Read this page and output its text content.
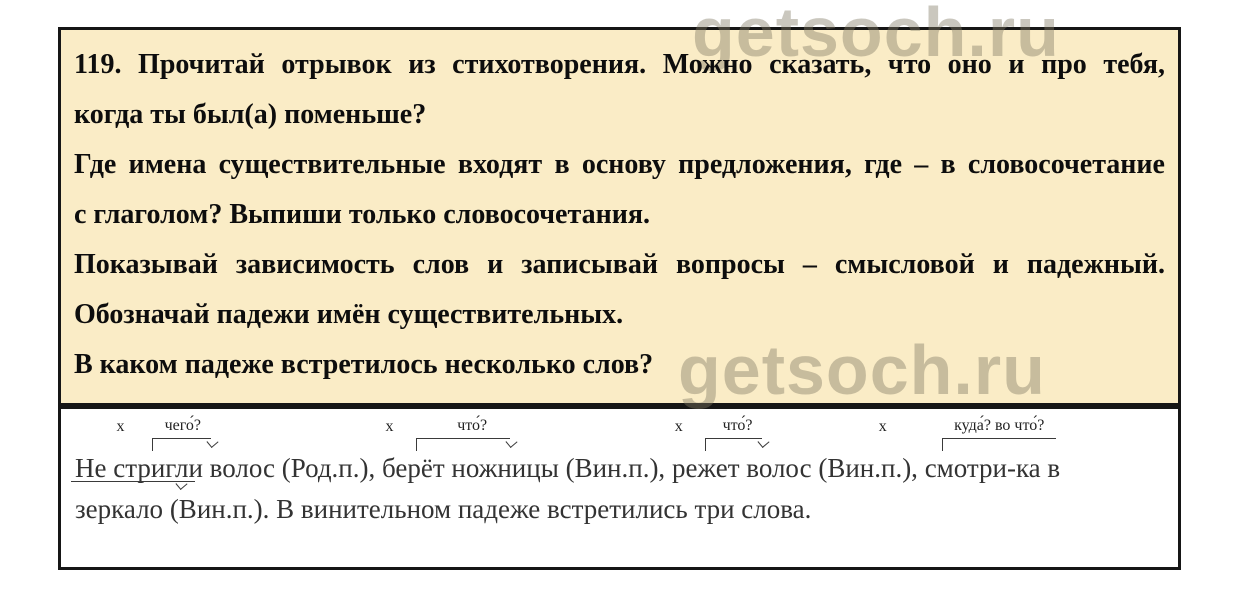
119. Прочитай отрывок из стихотворения. Можно сказать, что оно и про тебя,
когда ты был(а) поменьше?
Где имена существительные входят в основу предложения, где – в словосочетание
с глаголом? Выпиши только словосочетания.
Показывай зависимость слов и записывай вопросы – смысловой и падежный.
Обозначай падежи имён существительных.
В каком падеже встретилось несколько слов?
Не
х	чего́?
стригли волос (Род.п.),
х	что́?
берёт ножницы (Вин.п.),
х что́?
режет волос (Вин.п.),
х	куда́? во что́?
смотри-ка в
зеркало (Вин.п.). В винительном падеже встретились три слова.
getsoch.ru
getsoch.ru
